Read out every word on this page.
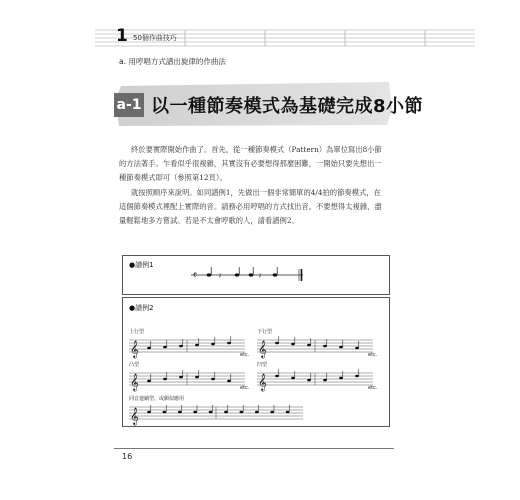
1 50個作曲技巧
a. 用哼唱方式譜出旋律的作曲法
a-1 以一種節奏模式為基礎完成8小節

終於要實際開始作曲了。首先，從一種節奏模式（Pattern）為單位寫出8小節的方法著手。乍看似乎很複雜，其實沒有必要想得那麼困難，一開始只要先想出一種節奏模式即可（參照第12頁）。

就按照順序來說明。如同譜例1，先做出一個非常簡單的4/4拍的節奏模式，在這個節奏模式裡配上實際的音。請務必用哼唱的方式找出音。不要想得太複雜，盡量輕鬆地多方嘗試。若是不太會哼歌的人，請看譜例2。

●譜例1
𝄴	𝄽	𝄽
●譜例2
上行型	下行型
凸型	凹型
同音連續型、或願似應用
𝄞	𝄞
𝄞	𝄞
𝄞
etc.	etc.
etc.	etc.
16
